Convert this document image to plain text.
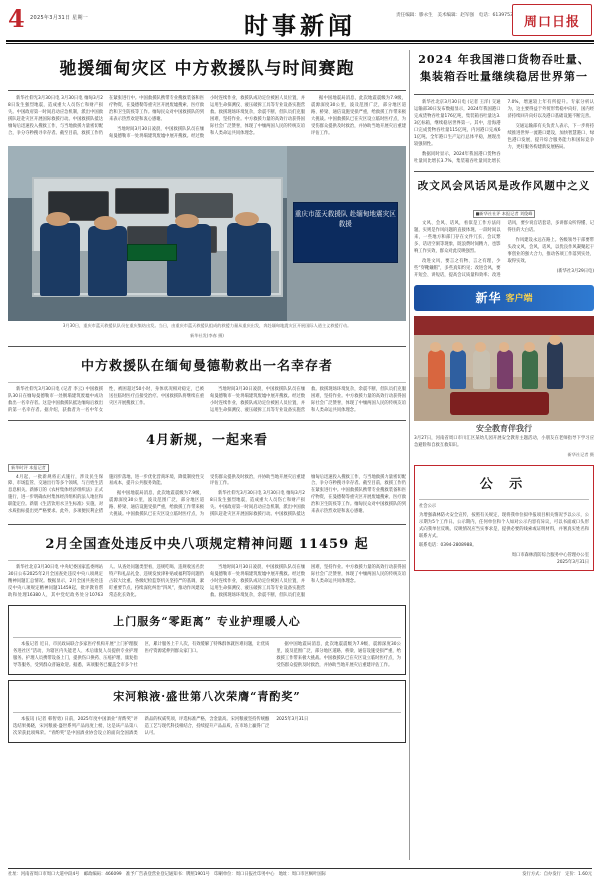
4 2025年3月31日 星期一	时事新闻	责任编辑：滕永生　美术编辑：赵军强　电话：6139753 周口日报
驰援缅甸灾区 中方救援队与时间赛跑

新华社仰光3月30日电 3月30日电 缅甸3月28日发生强烈地震，造成重大人员伤亡和财产损失。中国政府第一时间启动应急机制，派出中国救援队赶赴灾区开展国际救援行动。中国救援队抵达缅甸后迅速投入搜救工作，与当地救援力量密切配合，争分夺秒搜寻幸存者。截至目前，救援工作仍在紧张进行中。中国救援队携带专业搜救装备和医疗物资，在曼德勒等重灾区开展废墟搜索、医疗救治和卫生防疫等工作。缅甸民众对中国救援队的到来表示热烈欢迎和衷心感谢。

当地时间3月30日凌晨，中国救援队队员在缅甸曼德勒市一处坍塌建筑废墟中展开搜救。经过数小时连续作业，救援队成功定位被困人员位置，并运用生命探测仪、液压破拆工具等专业设备实施营救。救援现场环境复杂，余震不断，但队员们克服困难，坚持作业。中方救援力量的高效行动获得国际社会广泛赞誉，体现了中缅两国人民的传统友谊和人类命运共同体理念。

据中国地震局消息，此次地震震级为7.9级，震源深度30公里，波及范围广泛，部分地区道路、桥梁、通信设施受损严重，给救援工作带来极大挑战。中国救援队已在灾区设立临时医疗点，为受伤群众提供及时救治，并协助当地开展灾后重建评估工作。

重庆市蓝天救援队 赴缅甸地震灾区救援
3月30日，重庆市蓝天救援队队员在重庆集结出发。当日，由重庆市蓝天救援队组成的救援力量从重庆出发，奔赴缅甸地震灾区开展国际人道主义救援行动。
新华社发(李春 摄)
中方救援队在缅甸曼德勒救出一名幸存者

新华社仰光3月30日电 (记者 李云) 中国救援队30日在缅甸曼德勒市一处倒塌建筑废墟中成功救出一名幸存者。这是中国救援队抵达缅甸后救出的第一名幸存者。据介绍，获救者为一名中年女性，被困超过50小时，身体状况相对稳定，已被送往临时医疗点接受治疗。中国救援队将继续在重灾区开展搜救工作。

当地时间3月30日凌晨，中国救援队队员在缅甸曼德勒市一处坍塌建筑废墟中展开搜救。经过数小时连续作业，救援队成功定位被困人员位置，并运用生命探测仪、液压破拆工具等专业设备实施营救。救援现场环境复杂，余震不断，但队员们克服困难，坚持作业。中方救援力量的高效行动获得国际社会广泛赞誉，体现了中缅两国人民的传统友谊和人类命运共同体理念。

4月新规，一起来看
新华时评 本报记者

4月起，一批新规将正式施行，涉及民生保障、市场监管、交通出行等多个领域，与百姓生活息息相关。新修订的《农村集体经济组织法》正式施行，进一步明确农村集体经济组织的法人地位和职能定位。新版《生活饮用水卫生标准》实施，对水质指标提出更严格要求。此外，多项便民利企措施同步落地，进一步优化营商环境，降低制度性交易成本，提升公共服务效能。

据中国地震局消息，此次地震震级为7.9级，震源深度30公里，波及范围广泛，部分地区道路、桥梁、通信设施受损严重，给救援工作带来极大挑战。中国救援队已在灾区设立临时医疗点，为受伤群众提供及时救治，并协助当地开展灾后重建评估工作。

新华社仰光3月30日电 3月30日电 缅甸3月28日发生强烈地震，造成重大人员伤亡和财产损失。中国政府第一时间启动应急机制，派出中国救援队赶赴灾区开展国际救援行动。中国救援队抵达缅甸后迅速投入搜救工作，与当地救援力量密切配合，争分夺秒搜寻幸存者。截至目前，救援工作仍在紧张进行中。中国救援队携带专业搜救装备和医疗物资，在曼德勒等重灾区开展废墟搜索、医疗救治和卫生防疫等工作。缅甸民众对中国救援队的到来表示热烈欢迎和衷心感谢。

2月全国查处违反中央八项规定精神问题 11459 起

新华社北京3月30日电 中央纪委国家监委网站30日公布2025年2月全国查处违反中央八项规定精神问题汇总情况。数据显示，2月全国共查处违反中央八项规定精神问题11459起，批评教育帮助和处理16380人，其中党纪政务处分10763人。从查处问题类型看，违规吃喝、违规收送名贵特产和礼品礼金、违规发放津补贴或福利等问题仍占较大比重。各级纪检监察机关坚持严的基调，紧盯重要节点，持续深化纠治“四风”，推动作风建设常态化长效化。

当地时间3月30日凌晨，中国救援队队员在缅甸曼德勒市一处坍塌建筑废墟中展开搜救。经过数小时连续作业，救援队成功定位被困人员位置，并运用生命探测仪、液压破拆工具等专业设备实施营救。救援现场环境复杂，余震不断，但队员们克服困难，坚持作业。中方救援力量的高效行动获得国际社会广泛赞誉，体现了中缅两国人民的传统友谊和人类命运共同体理念。

上门服务“零距离” 专业护理暖人心

本报记者 近日，市民政局联合多家医疗机构开展“上门护理服务进社区”活动，为辖区内失能老人、术后康复人员提供专业护理服务。护理人员携带设备上门，提供伤口换药、压疮护理、康复指导等服务，受到群众普遍欢迎。据悉，该项服务已覆盖全市多个社区，累计服务上千人次，有效缓解了特殊群体就医难问题，让优质医疗资源延伸到群众家门口。

据中国地震局消息，此次地震震级为7.9级，震源深度30公里，波及范围广泛，部分地区道路、桥梁、通信设施受损严重，给救援工作带来极大挑战。中国救援队已在灾区设立临时医疗点，为受伤群众提供及时救治，并协助当地开展灾后重建评估工作。

宋河粮液·盛世第八次荣膺“青酌奖”

本报讯 (记者 韩智勇) 日前，2025年度中国酒业“青酌奖”评选结果揭晓，宋河粮液·盛世系列产品再度上榜，这是该产品第八次荣获此项殊荣。“青酌奖”是中国酒业协会设立的面向全国酒类新品的权威奖项，评选标准严格，含金量高。宋河粮液坚持传统酿造工艺与现代科技相结合，持续提升产品品质，在市场上赢得广泛认可。

2025年3月31日

2024 年我国港口货物吞吐量、集装箱吞吐量继续稳居世界第一

新华社北京3月30日电 (记者 王洋) 交通运输部30日发布数据显示，2024年我国港口完成货物吞吐量176亿吨，集装箱吞吐量达3.3亿标箱，继续稳居世界第一。其中，沿海港口完成货物吞吐量115亿吨，内河港口完成61亿吨。全年港口生产运行总体平稳，展现出较强韧性。

数据同时显示，2024年我国港口货物吞吐量同比增长3.7%，集装箱吞吐量同比增长7.0%，增速较上年有所提升。专家分析认为，这主要得益于外贸形势稳中向好、国内经济持续回升向好以及港口基础设施不断完善。

交通运输部有关负责人表示，下一步将持续推进世界一流港口建设，加快智慧港口、绿色港口发展，提升综合服务能力和国际竞争力，更好服务构建新发展格局。

改文风会风话风是改作风题中之义
■新华社社评 本报记者 刘俊峰

文风、会风、话风，看似是工作方法问题，实则是作风问题的直接体现。一段时间以来，一些地方和部门存在文件冗长、会议繁多、话语空洞等现象，既浪费时间精力，也影响工作实效，群众对此反映强烈。

改进文风，要言之有物、言之有理，少些“穿靴戴帽”，多些真知灼见；改进会风，要开短会、讲短话，提高会议质量和效率；改进话风，要少说官话套话，多讲群众听得懂、记得住的大白话。

作风建设永远在路上。各级领导干部要带头改文风、会风、话风，以优良作风凝聚起干事创业的强大合力，推动各项工作落到实处、取得实效。

(新华社3月29日电)

新华 客户端
安全教育伴我行
3月27日，河南省周口市川汇区某幼儿园开展安全教育主题活动，小朋友在老师指导下学习应急避险和自救互救知识。
新华社记者 摄
公 示
社会公示
为增强森林防火安全宣传，按照有关规定，现将我单位拟申报项目相关情况予以公示，公示期为5个工作日。公示期内，任何单位和个人如对公示内容有异议，可以书面或口头形式向我单位反映。反映情况应当实事求是，提供必要的线索或证明材料，并署真实姓名和联系方式。
联系电话：0394-2808988。
周口市森林消防综合服务中心管理办公室
2025年3月31日
社址：河南省周口市周口大道中段4号　邮政编码：466099　准予广告表登营业登记通知书：牌照1901号　印刷单位：周口日报社印务中心　地址：周口市区枫叶国际	发行方式：自办发行　定价：1.60元
